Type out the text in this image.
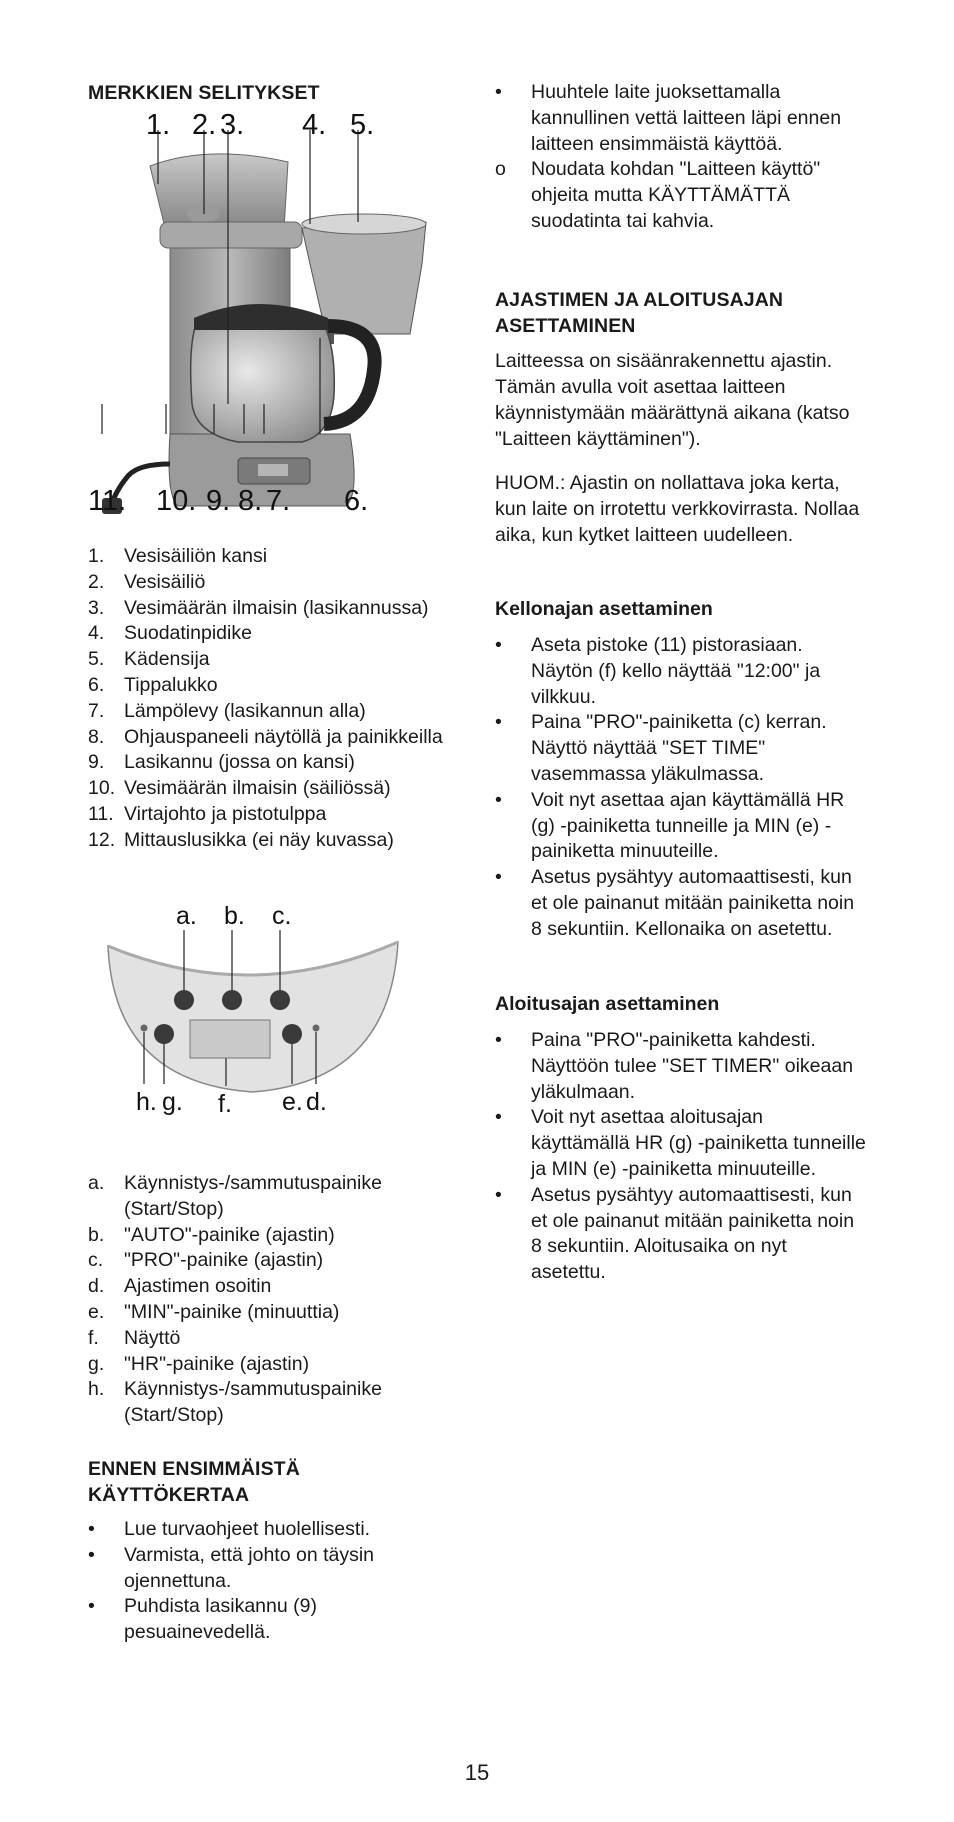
MERKKIEN SELITYKSET
1. 2. 3. 4. 5.
11. 10. 9. 8. 7. 6.
1. Vesisäiliön kansi
2. Vesisäiliö
3. Vesimäärän ilmaisin (lasikannussa)
4. Suodatinpidike
5. Kädensija
6. Tippalukko
7. Lämpölevy (lasikannun alla)
8. Ohjauspaneeli näytöllä ja painikkeilla
9. Lasikannu (jossa on kansi)
10. Vesimäärän ilmaisin (säiliössä)
11. Virtajohto ja pistotulppa
12. Mittauslusikka (ei näy kuvassa)
a. b. c.
h. g. f. e. d.
a. Käynnistys-/sammutuspainike (Start/Stop)
b. "AUTO"-painike (ajastin)
c. "PRO"-painike (ajastin)
d. Ajastimen osoitin
e. "MIN"-painike (minuuttia)
f. Näyttö
g. "HR"-painike (ajastin)
h. Käynnistys-/sammutuspainike (Start/Stop)
ENNEN ENSIMMÄISTÄ KÄYTTÖKERTAA
• Lue turvaohjeet huolellisesti.
• Varmista, että johto on täysin ojennettuna.
• Puhdista lasikannu (9) pesuainevedellä.
• Huuhtele laite juoksettamalla kannullinen vettä laitteen läpi ennen laitteen ensimmäistä käyttöä.
o Noudata kohdan "Laitteen käyttö" ohjeita mutta KÄYTTÄMÄTTÄ suodatinta tai kahvia.
AJASTIMEN JA ALOITUSAJAN ASETTAMINEN

Laitteessa on sisäänrakennettu ajastin. Tämän avulla voit asettaa laitteen käynnistymään määrättynä aikana (katso "Laitteen käyttäminen").

HUOM.: Ajastin on nollattava joka kerta, kun laite on irrotettu verkkovirrasta. Nollaa aika, kun kytket laitteen uudelleen.

Kellonajan asettaminen
• Aseta pistoke (11) pistorasiaan. Näytön (f) kello näyttää "12:00" ja vilkkuu.
• Paina "PRO"-painiketta (c) kerran. Näyttö näyttää "SET TIME" vasemmassa yläkulmassa.
• Voit nyt asettaa ajan käyttämällä HR (g) -painiketta tunneille ja MIN (e) -painiketta minuuteille.
• Asetus pysähtyy automaattisesti, kun et ole painanut mitään painiketta noin 8 sekuntiin. Kellonaika on asetettu.
Aloitusajan asettaminen
• Paina "PRO"-painiketta kahdesti. Näyttöön tulee "SET TIMER" oikeaan yläkulmaan.
• Voit nyt asettaa aloitusajan käyttämällä HR (g) -painiketta tunneille ja MIN (e) -painiketta minuuteille.
• Asetus pysähtyy automaattisesti, kun et ole painanut mitään painiketta noin 8 sekuntiin. Aloitusaika on nyt asetettu.
15
